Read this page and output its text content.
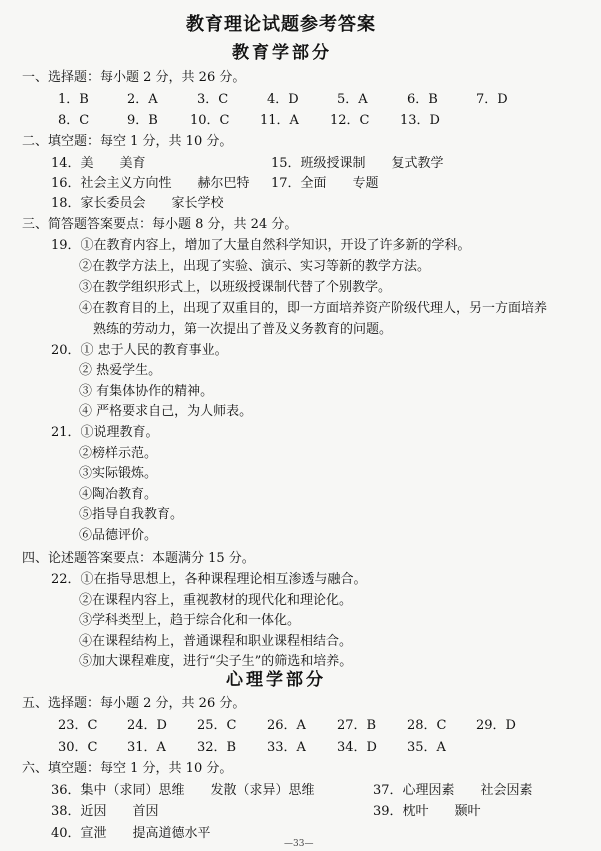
教育理论试题参考答案
教育学部分
一、选择题：每小题 2 分，共 26 分。
1．B	2．A	3．C	4．D	5．A	6．B	7．D
8．C	9．B 10．C 11．A 12．C 13．D
二、填空题：每空 1 分，共 10 分。
14．美　　美育	15．班级授课制　　复式教学
16．社会主义方向性　　赫尔巴特 17．全面　　专题
18．家长委员会　　家长学校
三、简答题答案要点：每小题 8 分，共 24 分。
19．①在教育内容上，增加了大量自然科学知识，开设了许多新的学科。
②在教学方法上，出现了实验、演示、实习等新的教学方法。
③在教学组织形式上，以班级授课制代替了个别教学。
④在教育目的上，出现了双重目的，即一方面培养资产阶级代理人，另一方面培养
熟练的劳动力，第一次提出了普及义务教育的问题。
20．① 忠于人民的教育事业。
② 热爱学生。
③ 有集体协作的精神。
④ 严格要求自己，为人师表。
21．①说理教育。
②榜样示范。
③实际锻炼。
④陶冶教育。
⑤指导自我教育。
⑥品德评价。
四、论述题答案要点：本题满分 15 分。
22．①在指导思想上，各种课程理论相互渗透与融合。
②在课程内容上，重视教材的现代化和理论化。
③学科类型上，趋于综合化和一体化。
④在课程结构上，普通课程和职业课程相结合。
⑤加大课程难度，进行“尖子生”的筛选和培养。
心理学部分
五、选择题：每小题 2 分，共 26 分。
23．C 24．D 25．C 26．A 27．B 28．C 29．D
30．C 31．A 32．B 33．A 34．D 35．A
六、填空题：每空 1 分，共 10 分。
36．集中（求同）思维　　发散（求异）思维	37．心理因素　　社会因素
38．近因　　首因	39．枕叶　　颞叶
40．宣泄　　提高道德水平
—33—
